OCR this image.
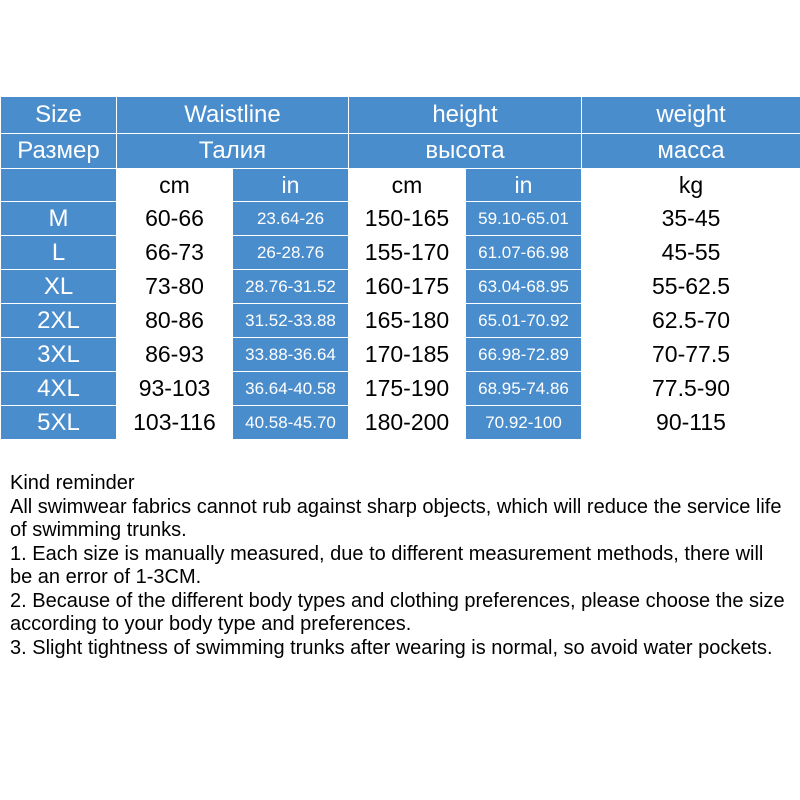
Size	Waistline		height		weight
Размер	Талия		высота		масса
	cm	in	cm	in	kg
M	60-66	23.64-26	150-165	59.10-65.01	35-45
L	66-73	26-28.76	155-170	61.07-66.98	45-55
XL	73-80	28.76-31.52	160-175	63.04-68.95	55-62.5
2XL	80-86	31.52-33.88	165-180	65.01-70.92	62.5-70
3XL	86-93	33.88-36.64	170-185	66.98-72.89	70-77.5
4XL	93-103	36.64-40.58	175-190	68.95-74.86	77.5-90
5XL	103-116	40.58-45.70	180-200	70.92-100	90-115

Kind reminder

All swimwear fabrics cannot rub against sharp objects, which will reduce the service life of swimming trunks.

1. Each size is manually measured, due to different measurement methods, there will be an error of 1-3CM.

2. Because of the different body types and clothing preferences, please choose the size according to your body type and preferences.

3. Slight tightness of swimming trunks after wearing is normal, so avoid water pockets.
